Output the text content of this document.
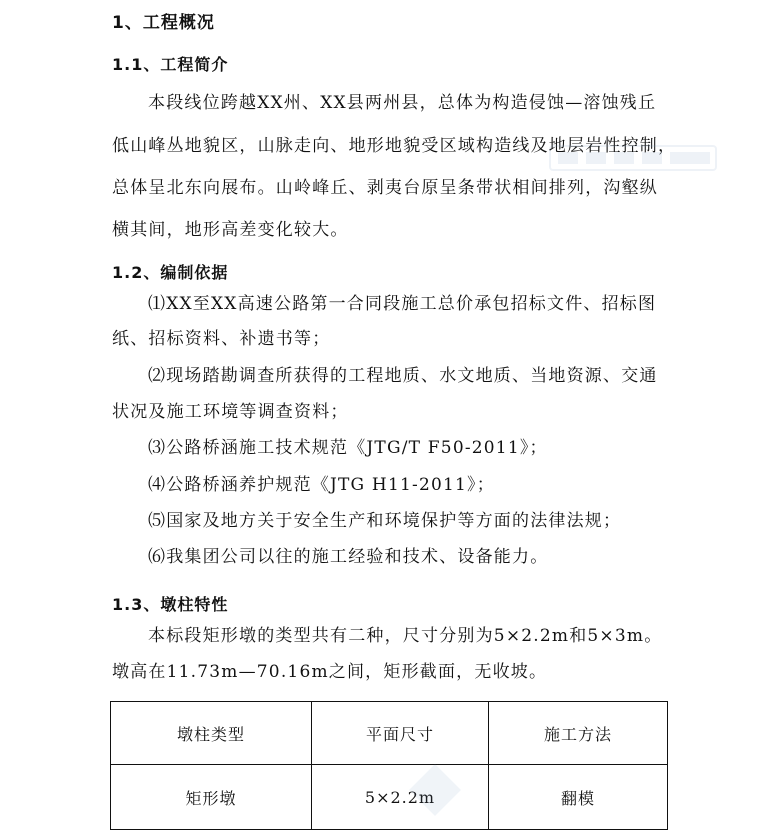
1、工程概况
1.1、工程简介
本段线位跨越XX州、XX县两州县，总体为构造侵蚀—溶蚀残丘
低山峰丛地貌区，山脉走向、地形地貌受区域构造线及地层岩性控制，
总体呈北东向展布。山岭峰丘、剥夷台原呈条带状相间排列，沟壑纵
横其间，地形高差变化较大。
1.2、编制依据
⑴XX至XX高速公路第一合同段施工总价承包招标文件、招标图
纸、招标资料、补遗书等；
⑵现场踏勘调查所获得的工程地质、水文地质、当地资源、交通
状况及施工环境等调查资料；
⑶公路桥涵施工技术规范《JTG/T F50-2011》；
⑷公路桥涵养护规范《JTG H11-2011》；
⑸国家及地方关于安全生产和环境保护等方面的法律法规；
⑹我集团公司以往的施工经验和技术、设备能力。
1.3、墩柱特性
本标段矩形墩的类型共有二种，尺寸分别为5×2.2m和5×3m。
墩高在11.73m—70.16m之间，矩形截面，无收坡。
墩柱类型	平面尺寸	施工方法
矩形墩	5×2.2m	翻模
